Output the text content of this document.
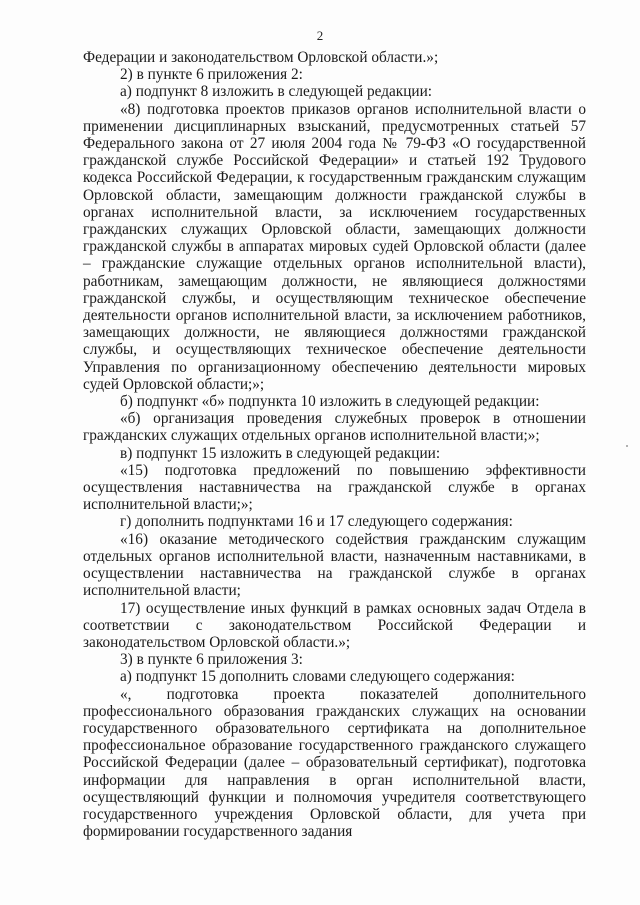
2

Федерации и законодательством Орловской области.»;

2) в пункте 6 приложения 2:

а) подпункт 8 изложить в следующей редакции:

«8) подготовка проектов приказов органов исполнительной власти о применении дисциплинарных взысканий, предусмотренных статьей 57 Федерального закона от 27 июля 2004 года № 79-ФЗ «О государственной гражданской службе Российской Федерации» и статьей 192 Трудового кодекса Российской Федерации, к государственным гражданским служащим Орловской области, замещающим должности гражданской службы в органах исполнительной власти, за исключением государственных гражданских служащих Орловской области, замещающих должности гражданской службы в аппаратах мировых судей Орловской области (далее – гражданские служащие отдельных органов исполнительной власти), работникам, замещающим должности, не являющиеся должностями гражданской службы, и осуществляющим техническое обеспечение деятельности органов исполнительной власти, за исключением работников, замещающих должности, не являющиеся должностями гражданской службы, и осуществляющих техническое обеспечение деятельности Управления по организационному обеспечению деятельности мировых судей Орловской области;»;

б) подпункт «б» подпункта 10 изложить в следующей редакции:

«б) организация проведения служебных проверок в отношении гражданских служащих отдельных органов исполнительной власти;»;

в) подпункт 15 изложить в следующей редакции:

«15) подготовка предложений по повышению эффективности осуществления наставничества на гражданской службе в органах исполнительной власти;»;

г) дополнить подпунктами 16 и 17 следующего содержания:

«16) оказание методического содействия гражданским служащим отдельных органов исполнительной власти, назначенным наставниками, в осуществлении наставничества на гражданской службе в органах исполнительной власти;

17) осуществление иных функций в рамках основных задач Отдела в соответствии с законодательством Российской Федерации и законодательством Орловской области.»;

3) в пункте 6 приложения 3:

а) подпункт 15 дополнить словами следующего содержания:

«, подготовка проекта показателей дополнительного профессионального образования гражданских служащих на основании государственного образовательного сертификата на дополнительное профессиональное образование государственного гражданского служащего Российской Федерации (далее – образовательный сертификат), подготовка информации для направления в орган исполнительной власти, осуществляющий функции и полномочия учредителя соответствующего государственного учреждения Орловской области, для учета при формировании государственного задания
